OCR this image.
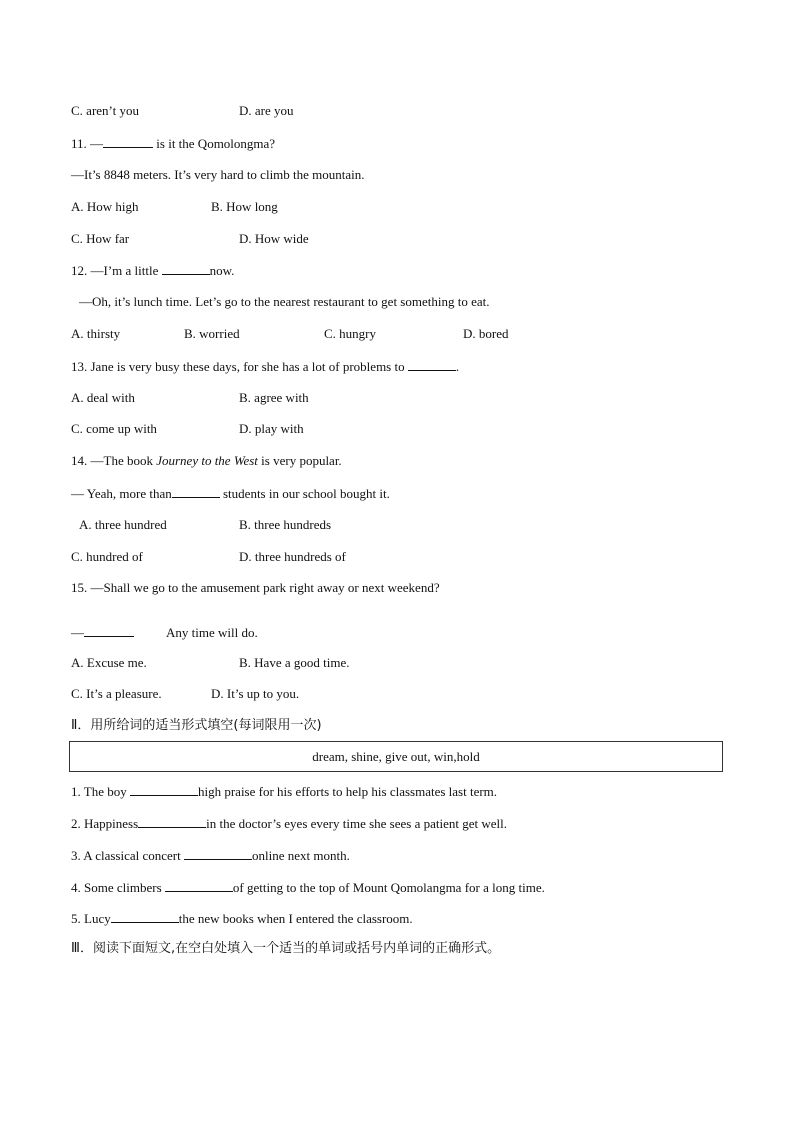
C. aren’t you	D. are you
11. —	is it the Qomolongma?
—It’s 8848 meters. It’s very hard to climb the mountain.
A. How high	B. How long
C. How far	D. How wide
12. —I’m a little	now.
—Oh, it’s lunch time. Let’s go to the nearest restaurant to get something to eat.
A. thirsty	B. worried	C. hungry	D. bored
13. Jane is very busy these days, for she has a lot of problems to	.
A. deal with	B. agree with
C. come up with	D. play with
14. —The book Journey to the West is very popular.
— Yeah, more than	students in our school bought it.
A. three hundred	B. three hundreds
C. hundred of	D. three hundreds of
15. —Shall we go to the amusement park right away or next weekend?
—	Any time will do.
A. Excuse me.	B. Have a good time.
C. It’s a pleasure.	D. It’s up to you.
Ⅱ．用所给词的适当形式填空(每词限用一次)
dream, shine, give out, win,hold
1. The boy	high praise for his efforts to help his classmates last term.
2. Happiness	in the doctor’s eyes every time she sees a patient get well.
3. A classical concert	online next month.
4. Some climbers	of getting to the top of Mount Qomolangma for a long time.
5. Lucy	the new books when I entered the classroom.
Ⅲ．阅读下面短文,在空白处填入一个适当的单词或括号内单词的正确形式。
